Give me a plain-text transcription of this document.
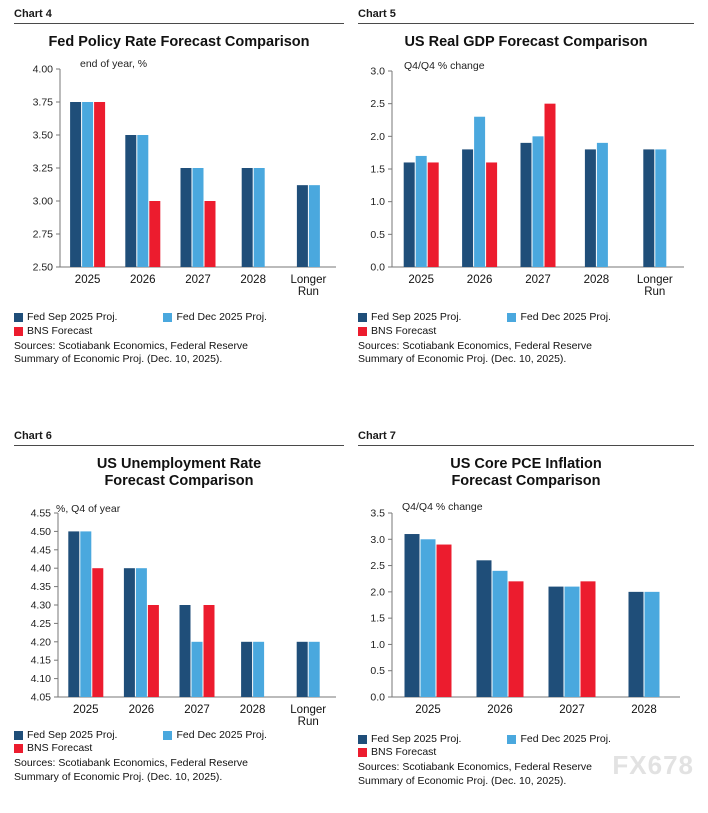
Chart 4
Fed Policy Rate Forecast Comparison
end of year, %
2.50
2.75
3.00
3.25
3.50
3.75
4.00
2025	2026	2027	2028 Longer
Run
Fed Sep 2025 Proj.	Fed Dec 2025 Proj.
BNS Forecast
Sources: Scotiabank Economics, Federal Reserve
Summary of Economic Proj. (Dec. 10, 2025).
Chart 5
US Real GDP Forecast Comparison
Q4/Q4 % change
0.0
0.5
1.0
1.5
2.0
2.5
3.0
2025	2026	2027	2028 Longer
Run
Fed Sep 2025 Proj.	Fed Dec 2025 Proj.
BNS Forecast
Sources: Scotiabank Economics, Federal Reserve
Summary of Economic Proj. (Dec. 10, 2025).
Chart 6
US Unemployment Rate
Forecast Comparison
%, Q4 of year
4.05
4.10
4.15
4.20
4.25
4.30
4.35
4.40
4.45
4.50
4.55
2025	2026	2027	2028 Longer
Run
Fed Sep 2025 Proj.	Fed Dec 2025 Proj.
BNS Forecast
Sources: Scotiabank Economics, Federal Reserve
Summary of Economic Proj. (Dec. 10, 2025).
Chart 7
US Core PCE Inflation
Forecast Comparison
Q4/Q4 % change
0.0
0.5
1.0
1.5
2.0
2.5
3.0
3.5
2025	2026	2027	2028
Fed Sep 2025 Proj.	Fed Dec 2025 Proj.
BNS Forecast
Sources: Scotiabank Economics, Federal Reserve
Summary of Economic Proj. (Dec. 10, 2025).
FX678
